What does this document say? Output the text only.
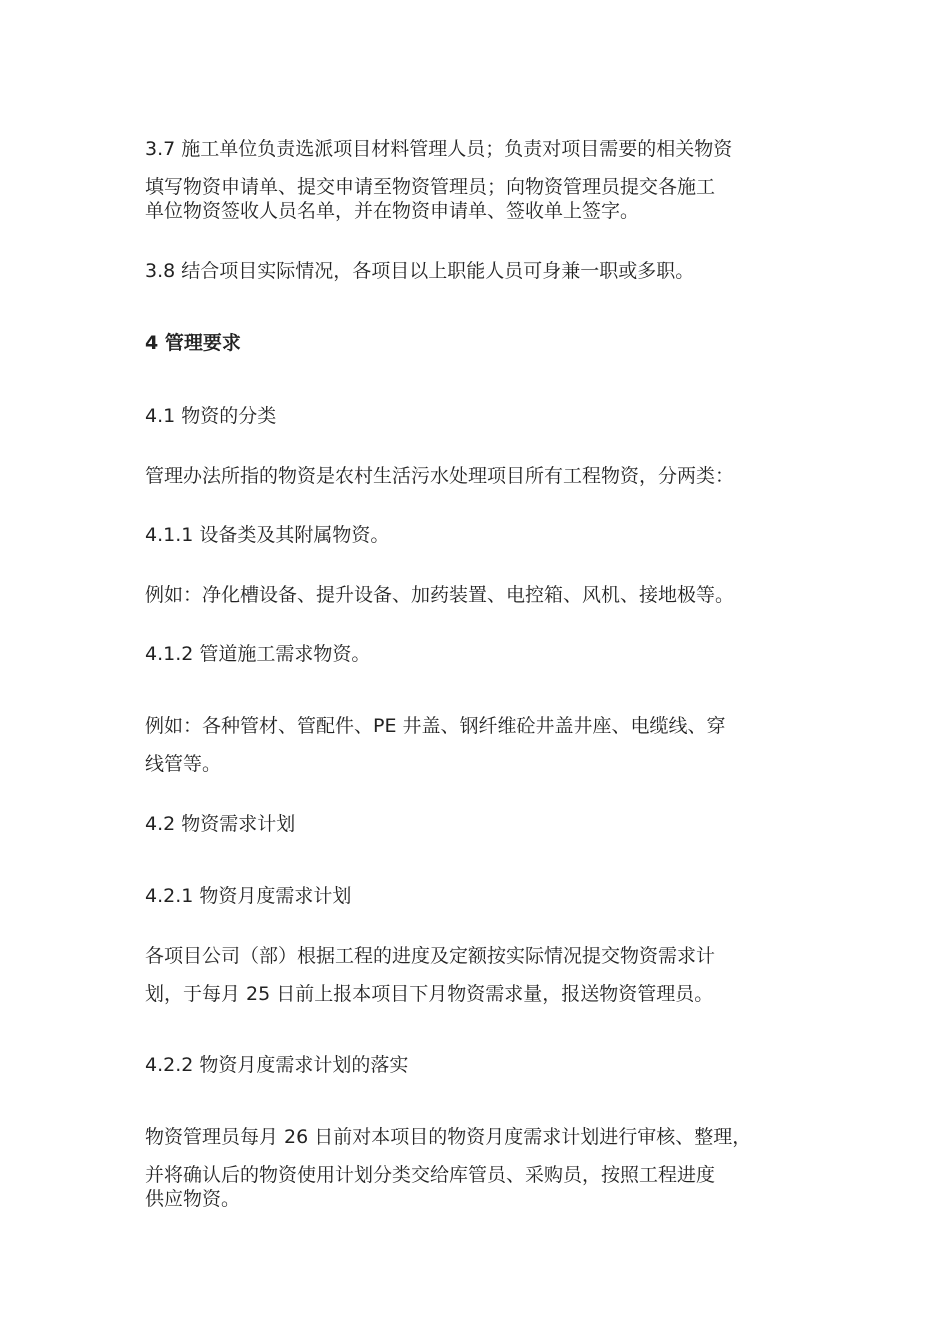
3.7 施工单位负责选派项目材料管理人员；负责对项目需要的相关物资
填写物资申请单、提交申请至物资管理员；向物资管理员提交各施工
单位物资签收人员名单，并在物资申请单、签收单上签字。
3.8 结合项目实际情况，各项目以上职能人员可身兼一职或多职。
4 管理要求
4.1 物资的分类
管理办法所指的物资是农村生活污水处理项目所有工程物资，分两类：
4.1.1 设备类及其附属物资。
例如：净化槽设备、提升设备、加药装置、电控箱、风机、接地极等。
4.1.2 管道施工需求物资。
例如：各种管材、管配件、PE 井盖、钢纤维砼井盖井座、电缆线、穿
线管等。
4.2 物资需求计划
4.2.1 物资月度需求计划
各项目公司（部）根据工程的进度及定额按实际情况提交物资需求计
划，于每月 25 日前上报本项目下月物资需求量，报送物资管理员。
4.2.2 物资月度需求计划的落实
物资管理员每月 26 日前对本项目的物资月度需求计划进行审核、整理，
并将确认后的物资使用计划分类交给库管员、采购员，按照工程进度
供应物资。
